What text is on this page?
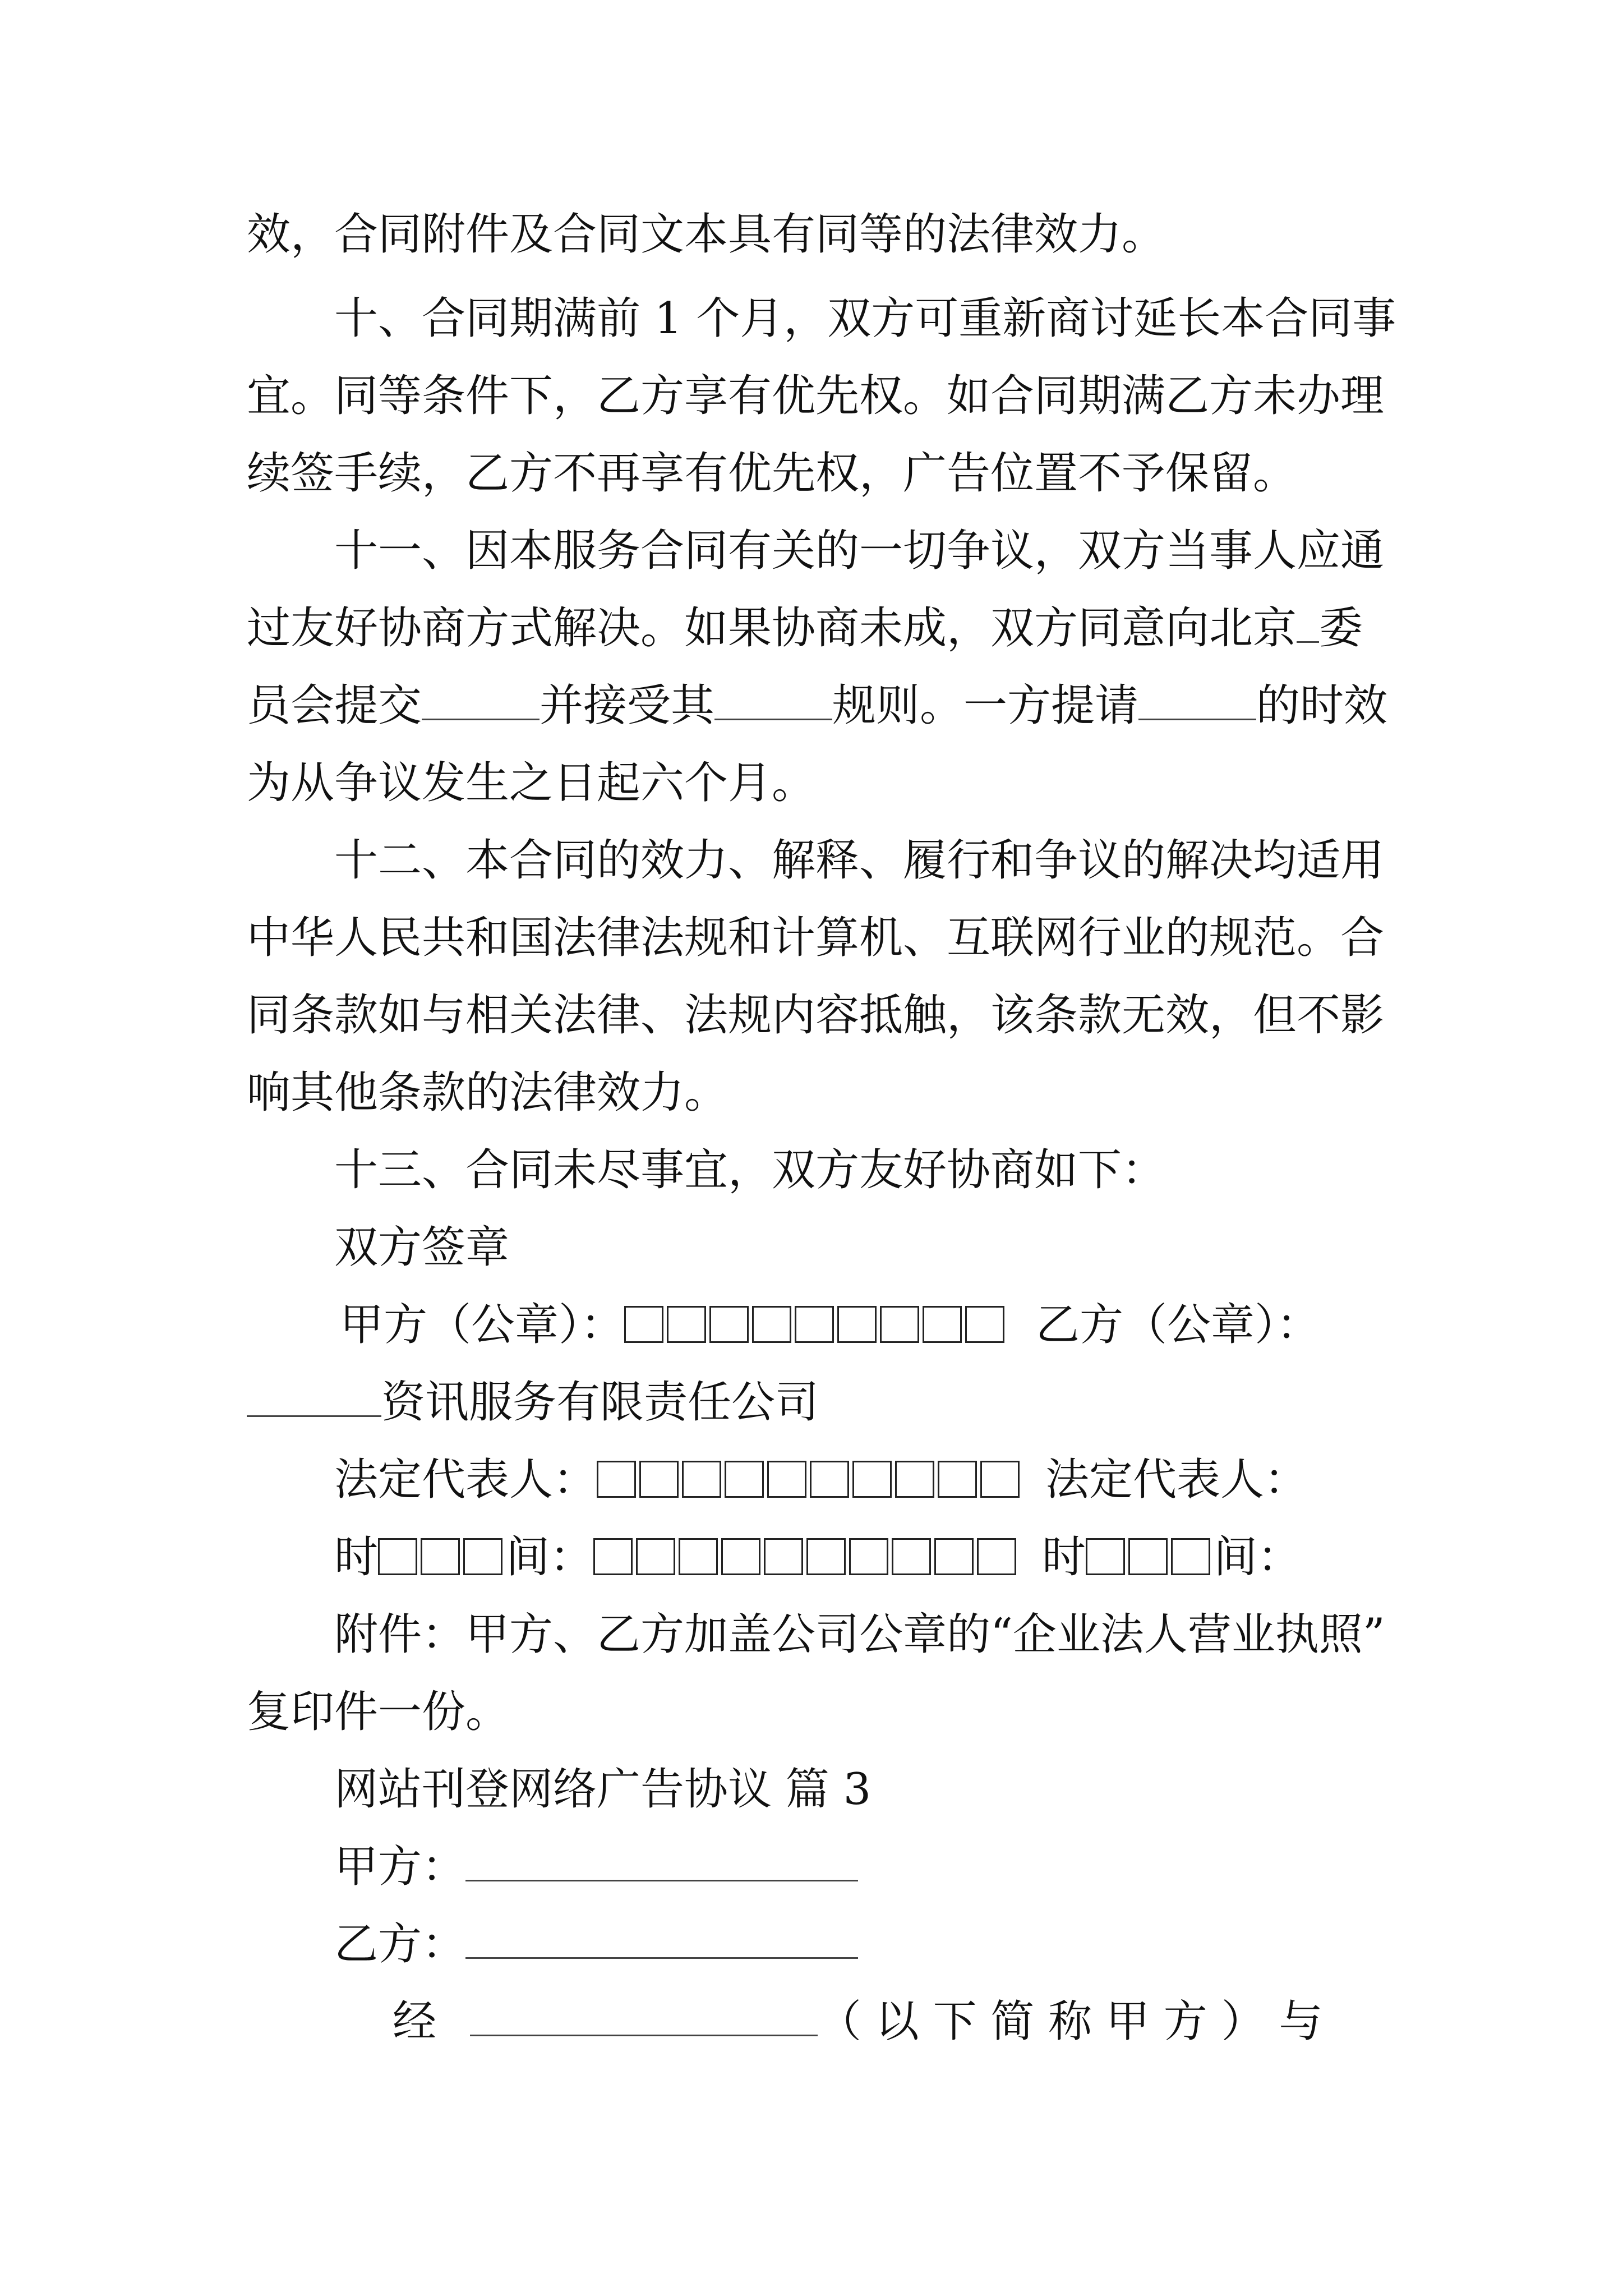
效，合同附件及合同文本具有同等的法律效力。
十、合同期满前 1 个月，双方可重新商讨延长本合同事
宜。同等条件下，乙方享有优先权。如合同期满乙方未办理
续签手续，乙方不再享有优先权，广告位置不予保留。
十一、因本服务合同有关的一切争议，双方当事人应通
过友好协商方式解决。如果协商未成，双方同意向北京 委
员会提交	并接受其	规则。一方提请	的时效
为从争议发生之日起六个月。
十二、本合同的效力、解释、履行和争议的解决均适用
中华人民共和国法律法规和计算机、互联网行业的规范。合
同条款如与相关法律、法规内容抵触，该条款无效，但不影
响其他条款的法律效力。
十三、合同未尽事宜，双方友好协商如下：
双方签章
甲方（公章）：	乙方（公章）：
资讯服务有限责任公司
法定代表人：	法定代表人：
时	间：	时	间：
附件：甲方、乙方加盖公司公章的“企业法人营业执照”
复印件一份。
网站刊登网络广告协议 篇 3
甲方：
乙方：
经	（ 以 下 简 称 甲 方 ） 与
